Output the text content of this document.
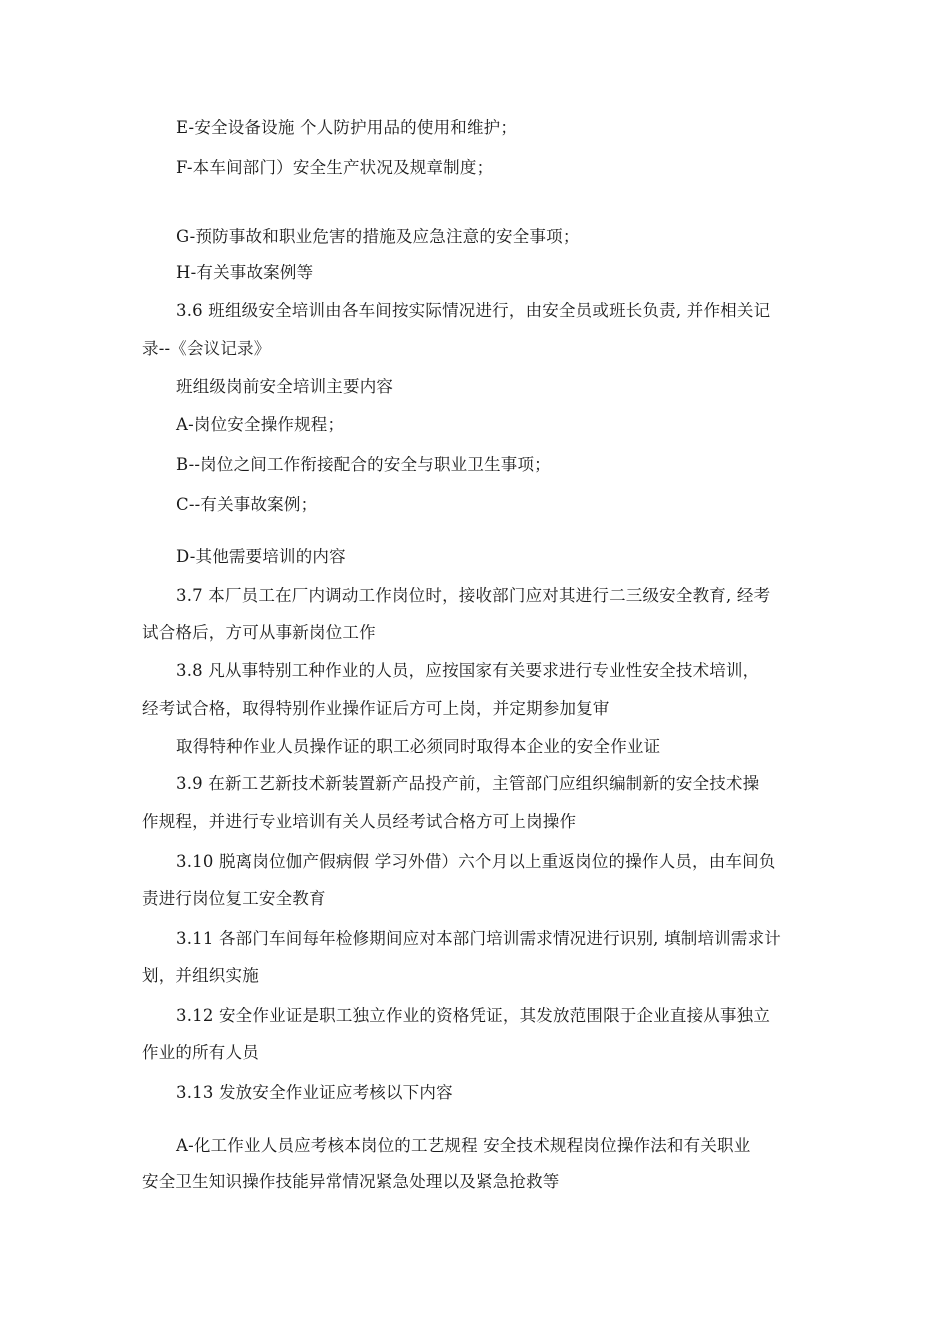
E-安全设备设施 个人防护用品的使用和维护；
F-本车间部门）安全生产状况及规章制度；
G-预防事故和职业危害的措施及应急注意的安全事项；
H-有关事故案例等
3.6 班组级安全培训由各车间按实际情况进行，由安全员或班长负责, 并作相关记
录--《会议记录》
班组级岗前安全培训主要内容
A-岗位安全操作规程；
B--岗位之间工作衔接配合的安全与职业卫生事项；
C--有关事故案例；
D-其他需要培训的内容
3.7 本厂员工在厂内调动工作岗位时，接收部门应对其进行二三级安全教育, 经考
试合格后，方可从事新岗位工作
3.8 凡从事特别工种作业的人员，应按国家有关要求进行专业性安全技术培训，
经考试合格，取得特别作业操作证后方可上岗，并定期参加复审
取得特种作业人员操作证的职工必须同时取得本企业的安全作业证
3.9 在新工艺新技术新装置新产品投产前，主管部门应组织编制新的安全技术操
作规程，并进行专业培训有关人员经考试合格方可上岗操作
3.10 脱离岗位伽产假病假 学习外借）六个月以上重返岗位的操作人员，由车间负
责进行岗位复工安全教育
3.11 各部门车间每年检修期间应对本部门培训需求情况进行识别, 填制培训需求计
划，并组织实施
3.12 安全作业证是职工独立作业的资格凭证，其发放范围限于企业直接从事独立
作业的所有人员
3.13 发放安全作业证应考核以下内容
A-化工作业人员应考核本岗位的工艺规程 安全技术规程岗位操作法和有关职业
安全卫生知识操作技能异常情况紧急处理以及紧急抢救等
